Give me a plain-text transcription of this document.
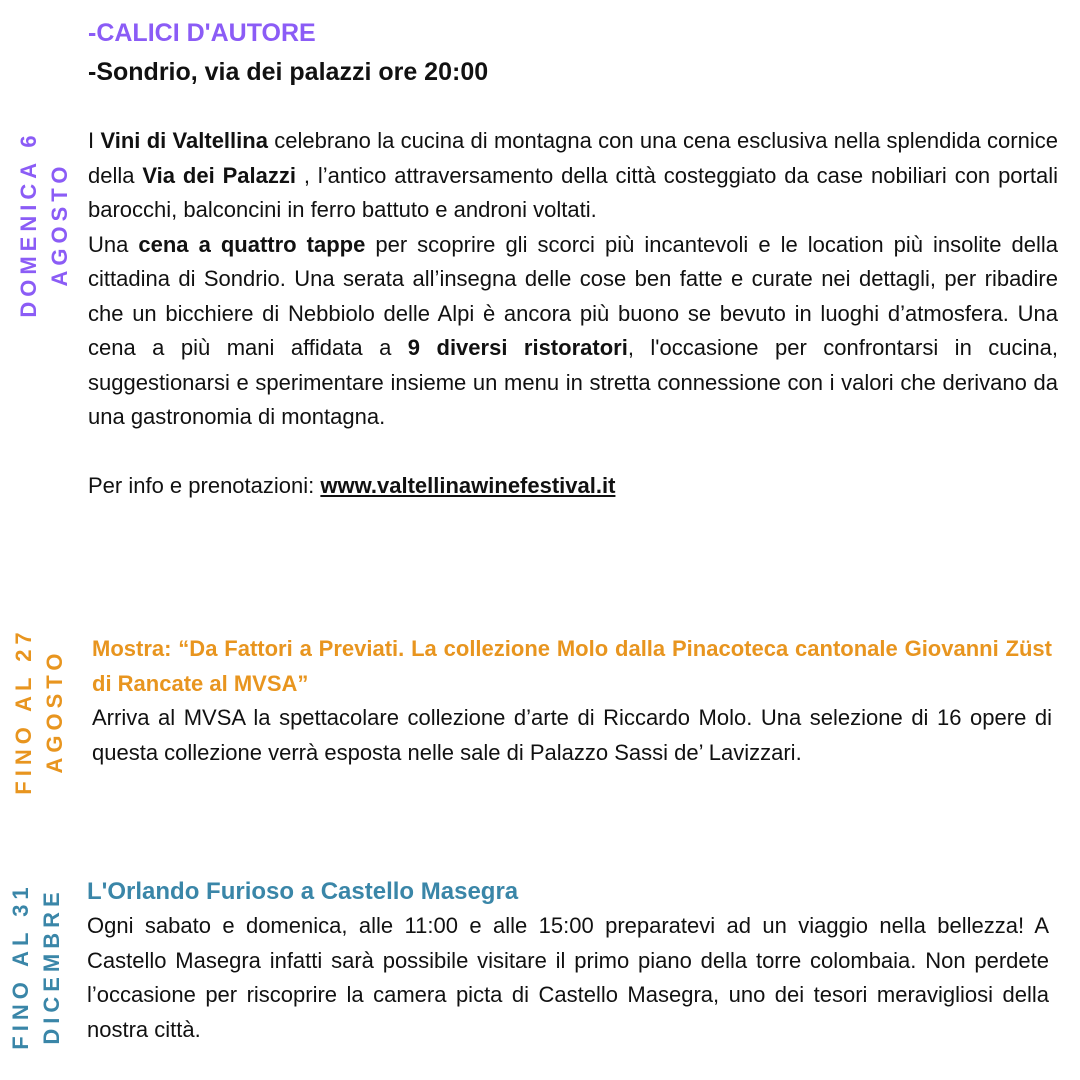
DOMENICA 6 AGOSTO
-CALICI D'AUTORE
-Sondrio, via dei palazzi ore 20:00

I Vini di Valtellina celebrano la cucina di montagna con una cena esclusiva nella splendida cornice della Via dei Palazzi , l’antico attraversamento della città costeggiato da case nobiliari con portali barocchi, balconcini in ferro battuto e androni voltati.

Una cena a quattro tappe per scoprire gli scorci più incantevoli e le location più insolite della cittadina di Sondrio. Una serata all’insegna delle cose ben fatte e curate nei dettagli, per ribadire che un bicchiere di Nebbiolo delle Alpi è ancora più buono se bevuto in luoghi d’atmosfera. Una cena a più mani affidata a 9 diversi ristoratori, l'occasione per confrontarsi in cucina, suggestionarsi e sperimentare insieme un menu in stretta connessione con i valori che derivano da una gastronomia di montagna.

Per info e prenotazioni: www.valtellinawinefestival.it

FINO AL 27 AGOSTO

Mostra: “Da Fattori a Previati. La collezione Molo dalla Pinacoteca cantonale Giovanni Züst di Rancate al MVSA”

Arriva al MVSA la spettacolare collezione d’arte di Riccardo Molo. Una selezione di 16 opere di questa collezione verrà esposta nelle sale di Palazzo Sassi de’ Lavizzari.

FINO AL 31 DICEMBRE L'Orlando Furioso a Castello Masegra

Ogni sabato e domenica, alle 11:00 e alle 15:00 preparatevi ad un viaggio nella bellezza! A Castello Masegra infatti sarà possibile visitare il primo piano della torre colombaia. Non perdete l’occasione per riscoprire la camera picta di Castello Masegra, uno dei tesori meravigliosi della nostra città.
